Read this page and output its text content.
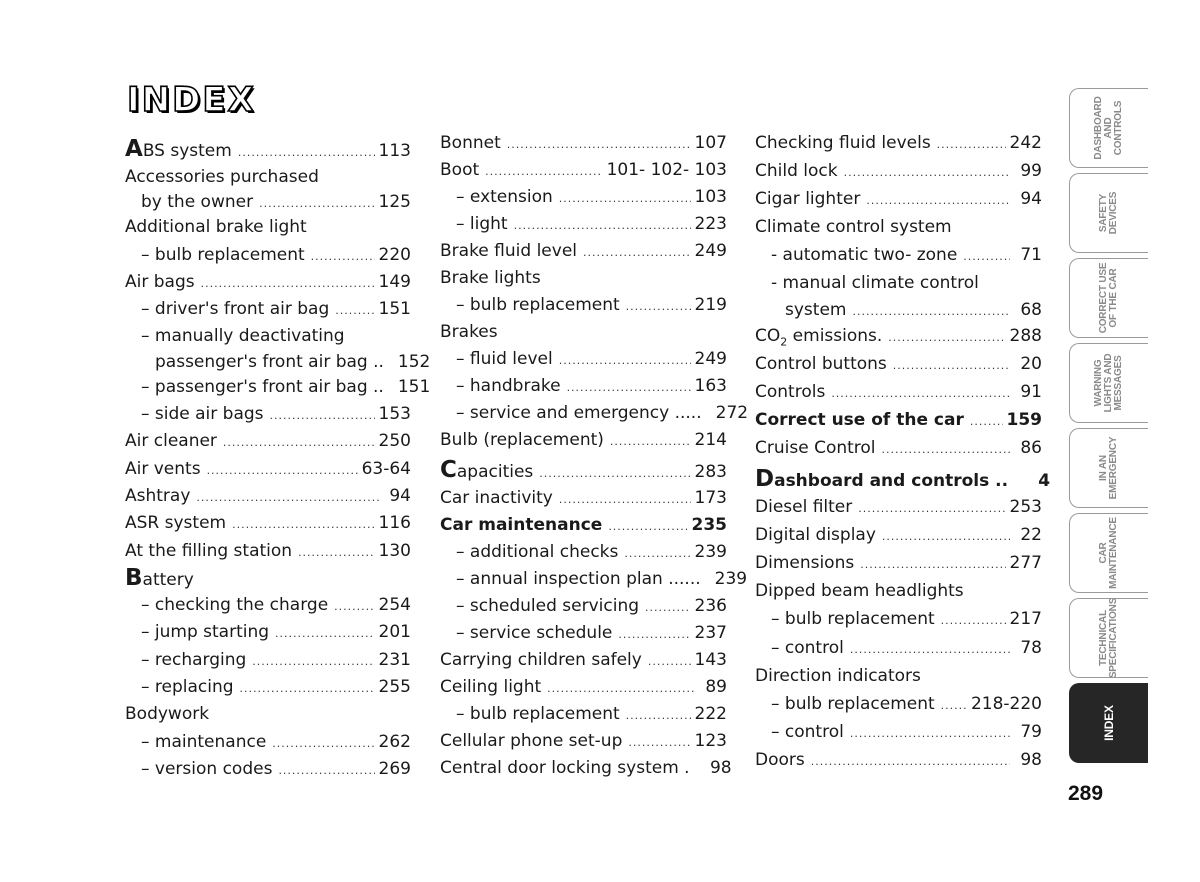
INDEX
ABS system .....	113
Accessories purchased
by the owner .....	125
Additional brake light
– bulb replacement .....	220
Air bags .....	149
– driver's front air bag .....	151
– manually deactivating
passenger's front air bag .. 152
– passenger's front air bag .. 151
– side air bags .....	153
Air cleaner .....	250
Air vents .....	63-64
Ashtray .....	94
ASR system .....	116
At the filling station .....	130
Battery
– checking the charge .....	254
– jump starting .....	201
– recharging .....	231
– replacing .....	255
Bodywork
– maintenance .....	262
– version codes .....	269
Bonnet .....	107
Boot .....	101- 102- 103
– extension .....	103
– light .....	223
Brake fluid level .....	249
Brake lights
– bulb replacement .....	219
Brakes
– fluid level .....	249
– handbrake .....	163
– service and emergency ..... 272
Bulb (replacement) .....	214
Capacities .....	283
Car inactivity .....	173
Car maintenance .....	235
– additional checks .....	239
– annual inspection plan ...... 239
– scheduled servicing .....	236
– service schedule .....	237
Carrying children safely .....	143
Ceiling light .....	89
– bulb replacement .....	222
Cellular phone set-up .....	123
Central door locking system .	98
Checking fluid levels .....	242
Child lock .....	99
Cigar lighter .....	94
Climate control system
- automatic two- zone .....	71
- manual climate control
system .....	68
$CO_2$ emissions. .....	288
Control buttons .....	20
Controls .....	91
Correct use of the car .....	159
Cruise Control .....	86
Dashboard and controls ..	4
Diesel filter .....	253
Digital display .....	22
Dimensions .....	277
Dipped beam headlights
– bulb replacement .....	217
– control .....	78
Direction indicators
– bulb replacement ..... 218-220
– control .....	79
Doors .....	98
DASHBOARD
AND
CONTROLS
SAFETY
DEVICES
CORRECT USE
OF THE CAR
WARNING
LIGHTS AND
MESSAGES
IN AN
EMERGENCY
CAR
MAINTENANCE
TECHNICAL
SPECIFICATIONS
INDEX
289
